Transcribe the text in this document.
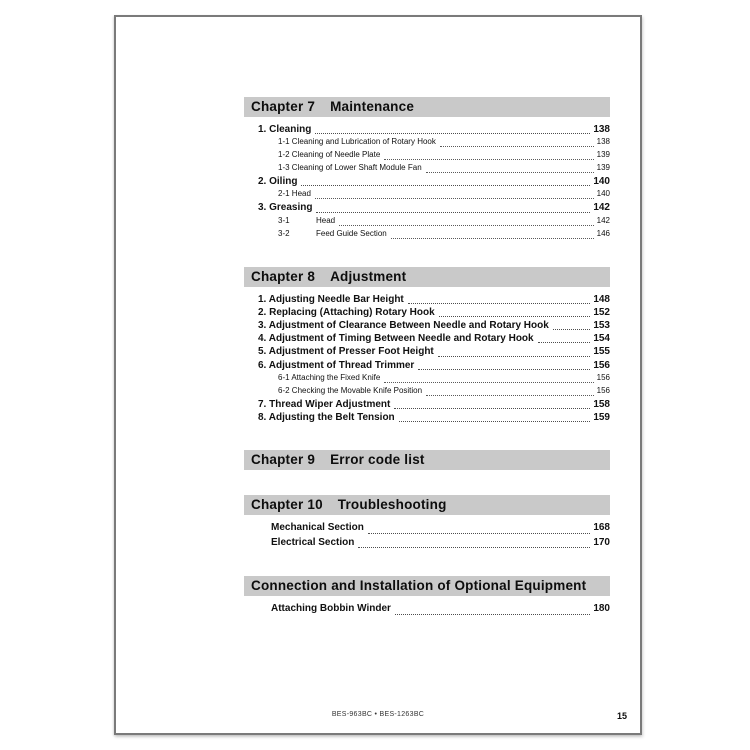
Chapter 7 Maintenance
1. Cleaning	138
1-1 Cleaning and Lubrication of Rotary Hook	138
1-2 Cleaning of Needle Plate	139
1-3 Cleaning of Lower Shaft Module Fan	139
2. Oiling	140
2-1 Head	140
3. Greasing	142
3-1	Head	142
3-2	Feed Guide Section	146
Chapter 8 Adjustment
1. Adjusting Needle Bar Height	148
2. Replacing (Attaching) Rotary Hook	152
3. Adjustment of Clearance Between Needle and Rotary Hook	153
4. Adjustment of Timing Between Needle and Rotary Hook	154
5. Adjustment of Presser Foot Height	155
6. Adjustment of Thread Trimmer	156
6-1 Attaching the Fixed Knife	156
6-2 Checking the Movable Knife Position	156
7. Thread Wiper Adjustment	158
8. Adjusting the Belt Tension	159
Chapter 9 Error code list
Chapter 10 Troubleshooting
Mechanical Section	168
Electrical Section	170
Connection and Installation of Optional Equipment
Attaching Bobbin Winder	180
BES-963BC • BES-1263BC	15
